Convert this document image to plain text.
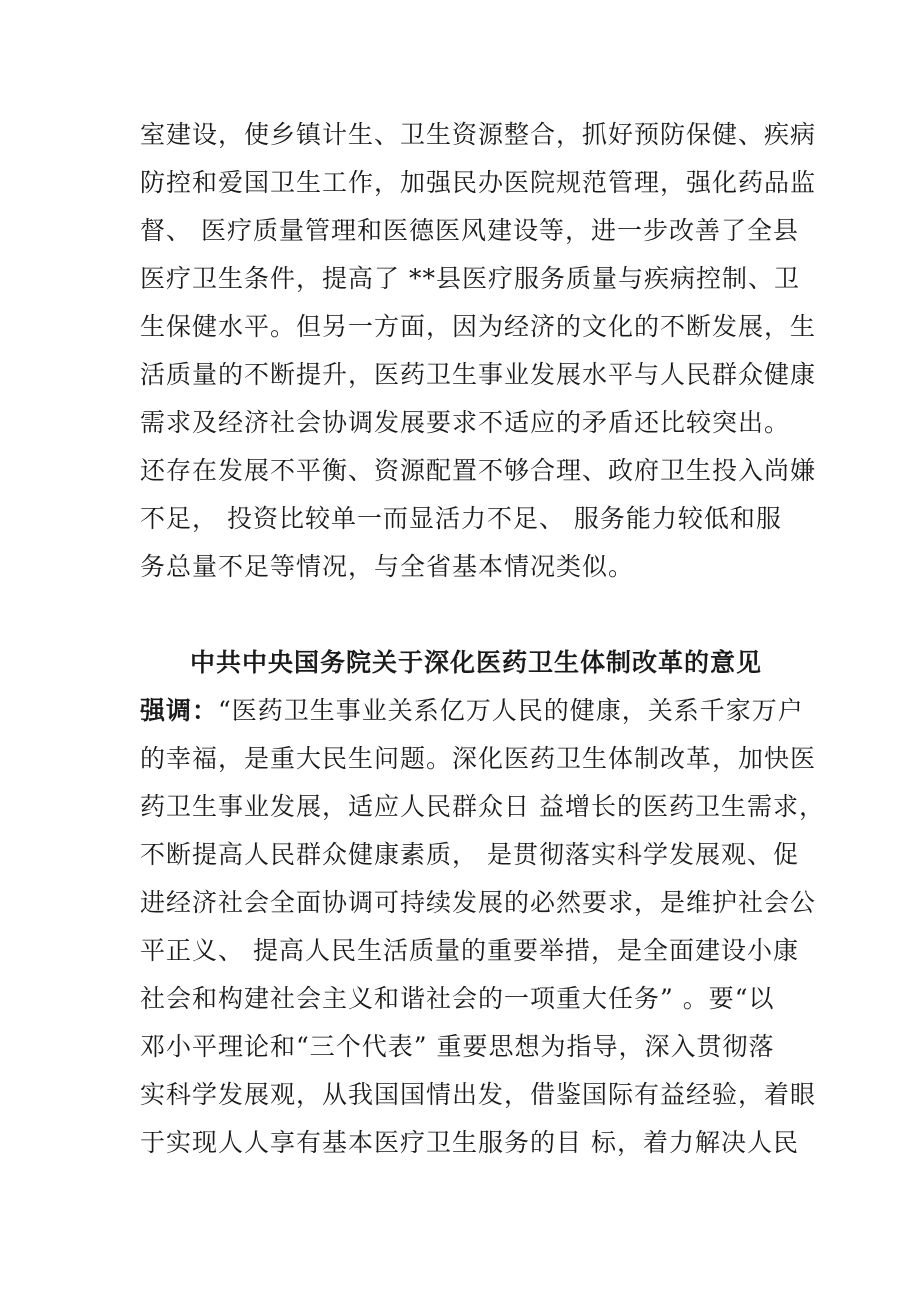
室建设，使乡镇计生、卫生资源整合，抓好预防保健、疾病
防控和爱国卫生工作，加强民办医院规范管理，强化药品监
督、 医疗质量管理和医德医风建设等，进一步改善了全县
医疗卫生条件，提高了 **县医疗服务质量与疾病控制、卫
生保健水平。但另一方面，因为经济的文化的不断发展，生
活质量的不断提升，医药卫生事业发展水平与人民群众健康
需求及经济社会协调发展要求不适应的矛盾还比较突出。
还存在发展不平衡、资源配置不够合理、政府卫生投入尚嫌
不足， 投资比较单一而显活力不足、 服务能力较低和服
务总量不足等情况，与全省基本情况类似。
中共中央国务院关于深化医药卫生体制改革的意见
强调：“医药卫生事业关系亿万人民的健康，关系千家万户
的幸福，是重大民生问题。深化医药卫生体制改革，加快医
药卫生事业发展，适应人民群众日 益增长的医药卫生需求，
不断提高人民群众健康素质， 是贯彻落实科学发展观、促
进经济社会全面协调可持续发展的必然要求，是维护社会公
平正义、 提高人民生活质量的重要举措，是全面建设小康
社会和构建社会主义和谐社会的一项重大任务” 。要“以
邓小平理论和“三个代表” 重要思想为指导，深入贯彻落
实科学发展观，从我国国情出发，借鉴国际有益经验，着眼
于实现人人享有基本医疗卫生服务的目 标，着力解决人民
